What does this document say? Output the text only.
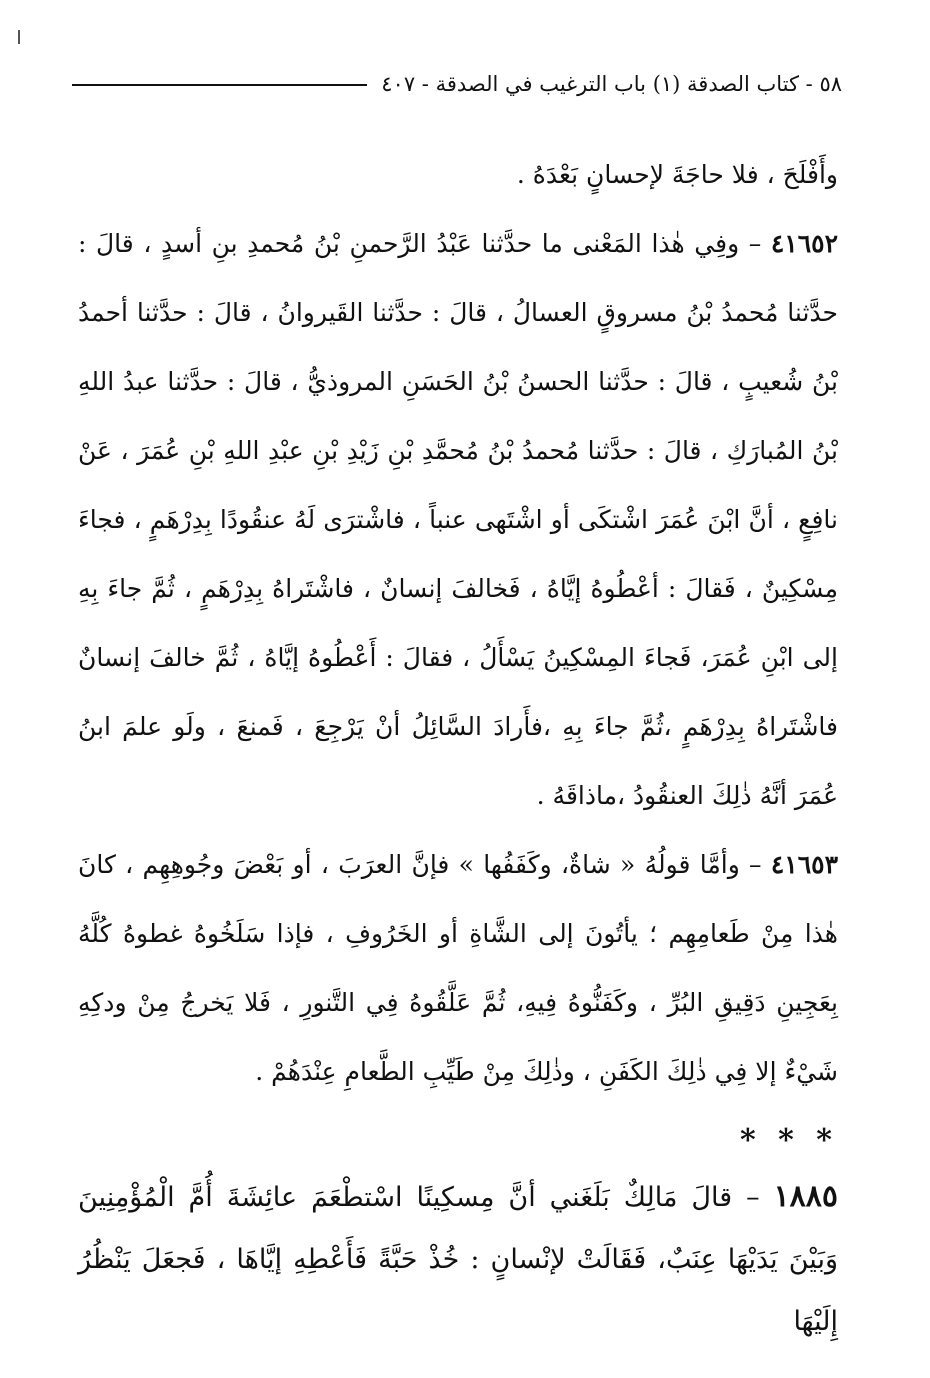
٥٨ - كتاب الصدقة (١) باب الترغيب في الصدقة - ٤٠٧

وأَفْلَحَ ، فلا حاجَةَ لإحسانٍ بَعْدَهُ .

٤١٦٥٢ – وفِي هٰذا المَعْنى ما حدَّثنا عَبْدُ الرَّحمنِ بْنُ مُحمدِ بنِ أسدٍ ، قالَ : حدَّثنا مُحمدُ بْنُ مسروقٍ العسالُ ، قالَ : حدَّثنا القَيروانُ ، قالَ : حدَّثنا أحمدُ بْنُ شُعيبٍ ، قالَ : حدَّثنا الحسنُ بْنُ الحَسَنِ المروذيُّ ، قالَ : حدَّثنا عبدُ اللهِ بْنُ المُبارَكِ ، قالَ : حدَّثنا مُحمدُ بْنُ مُحمَّدِ بْنِ زَيْدِ بْنِ عبْدِ اللهِ بْنِ عُمَرَ ، عَنْ نافِعٍ ، أنَّ ابْنَ عُمَرَ اشْتكَى أو اشْتَهى عنباً ، فاشْترَى لَهُ عنقُودًا بِدِرْهَمٍ ، فجاءَ مِسْكِينٌ ، فَقالَ : أعْطُوهُ إيَّاهُ ، فَخالفَ إنسانٌ ، فاشْتَراهُ بِدِرْهَمٍ ، ثُمَّ جاءَ بِهِ إلى ابْنِ عُمَرَ، فَجاءَ المِسْكِينُ يَسْأَلُ ، فقالَ : أَعْطُوهُ إيَّاهُ ، ثُمَّ خالفَ إنسانٌ فاشْتَراهُ بِدِرْهَمٍ ،ثُمَّ جاءَ بِهِ ،فأَرادَ السَّائِلُ أنْ يَرْجِعَ ، فَمنعَ ، ولَو علمَ ابنُ عُمَرَ أنَّهُ ذٰلِكَ العنقُودُ ،ماذاقَهُ .

٤١٦٥٣ – وأمَّا قولُهُ « شاةٌ، وكَفَفُها » فإنَّ العرَبَ ، أو بَعْضَ وجُوهِهِم ، كانَ هٰذا مِنْ طَعامِهِم ؛ يأتُونَ إلى الشَّاةِ أو الخَرُوفِ ، فإذا سَلَخُوهُ غطوهُ كُلَّهُ بِعَجِينِ دَقِيقِ البُرِّ ، وكَفَنُّوهُ فِيهِ، ثُمَّ عَلَّقُوهُ فِي التَّنورِ ، فَلا يَخرجُ مِنْ ودكِهِ شَيْءٌ إلا فِي ذٰلِكَ الكَفَنِ ، وذٰلِكَ مِنْ طَيِّبِ الطَّعامِ عِنْدَهُمْ .

* * *

١٨٨٥ – قالَ مَالِكٌ بَلَغَني أنَّ مِسكِينًا اسْتطْعَمَ عائِشَةَ أُمَّ الْمُؤْمِنِينَ وَبَيْنَ يَدَيْهَا عِنَبٌ، فَقَالَتْ لإنْسانٍ : خُذْ حَبَّةً فَأَعْطِهِ إيَّاهَا ، فَجعَلَ يَنْظُرُ إِلَيْهَا
